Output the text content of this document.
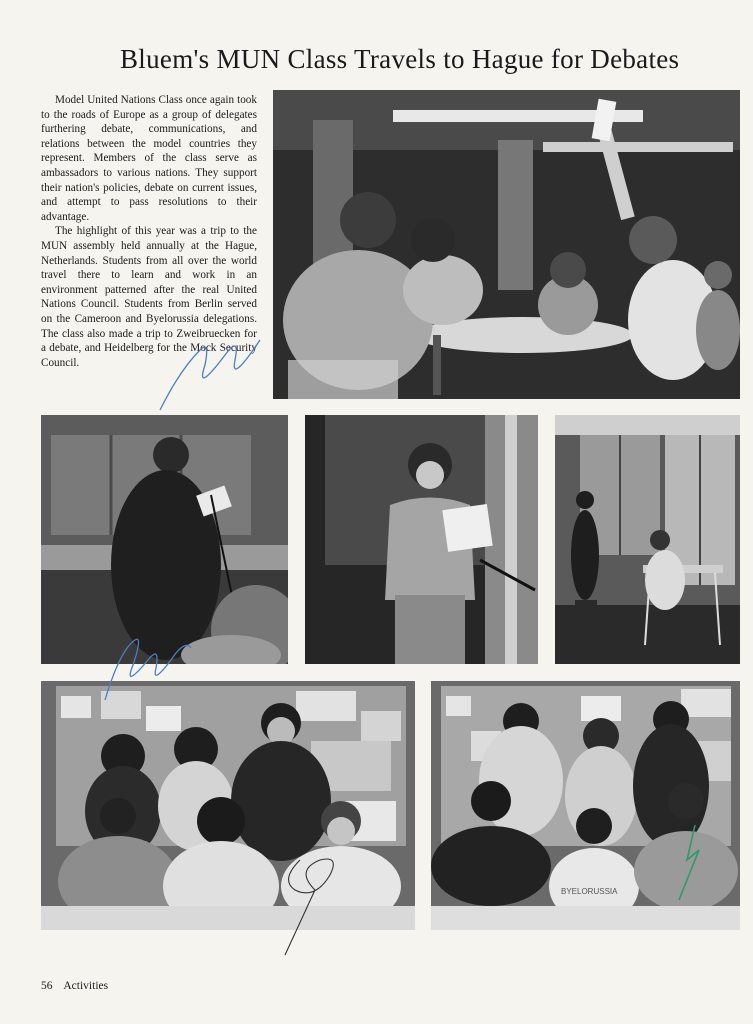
Bluem's MUN Class Travels to Hague for Debates

Model United Nations Class once again took to the roads of Europe as a group of delegates furthering debate, communications, and relations between the model countries they represent. Members of the class serve as ambassadors to various nations. They support their nation's policies, debate on current issues, and attempt to pass resolutions to their advantage.

The highlight of this year was a trip to the MUN assembly held annually at the Hague, Netherlands. Students from all over the world travel there to learn and work in an environment patterned after the real United Nations Council. Students from Berlin served on the Cameroon and Byelorussia delegations. The class also made a trip to Zweibruecken for a debate, and Heidelberg for the Mock Security Council.

BYELORUSSIA
56 Activities
